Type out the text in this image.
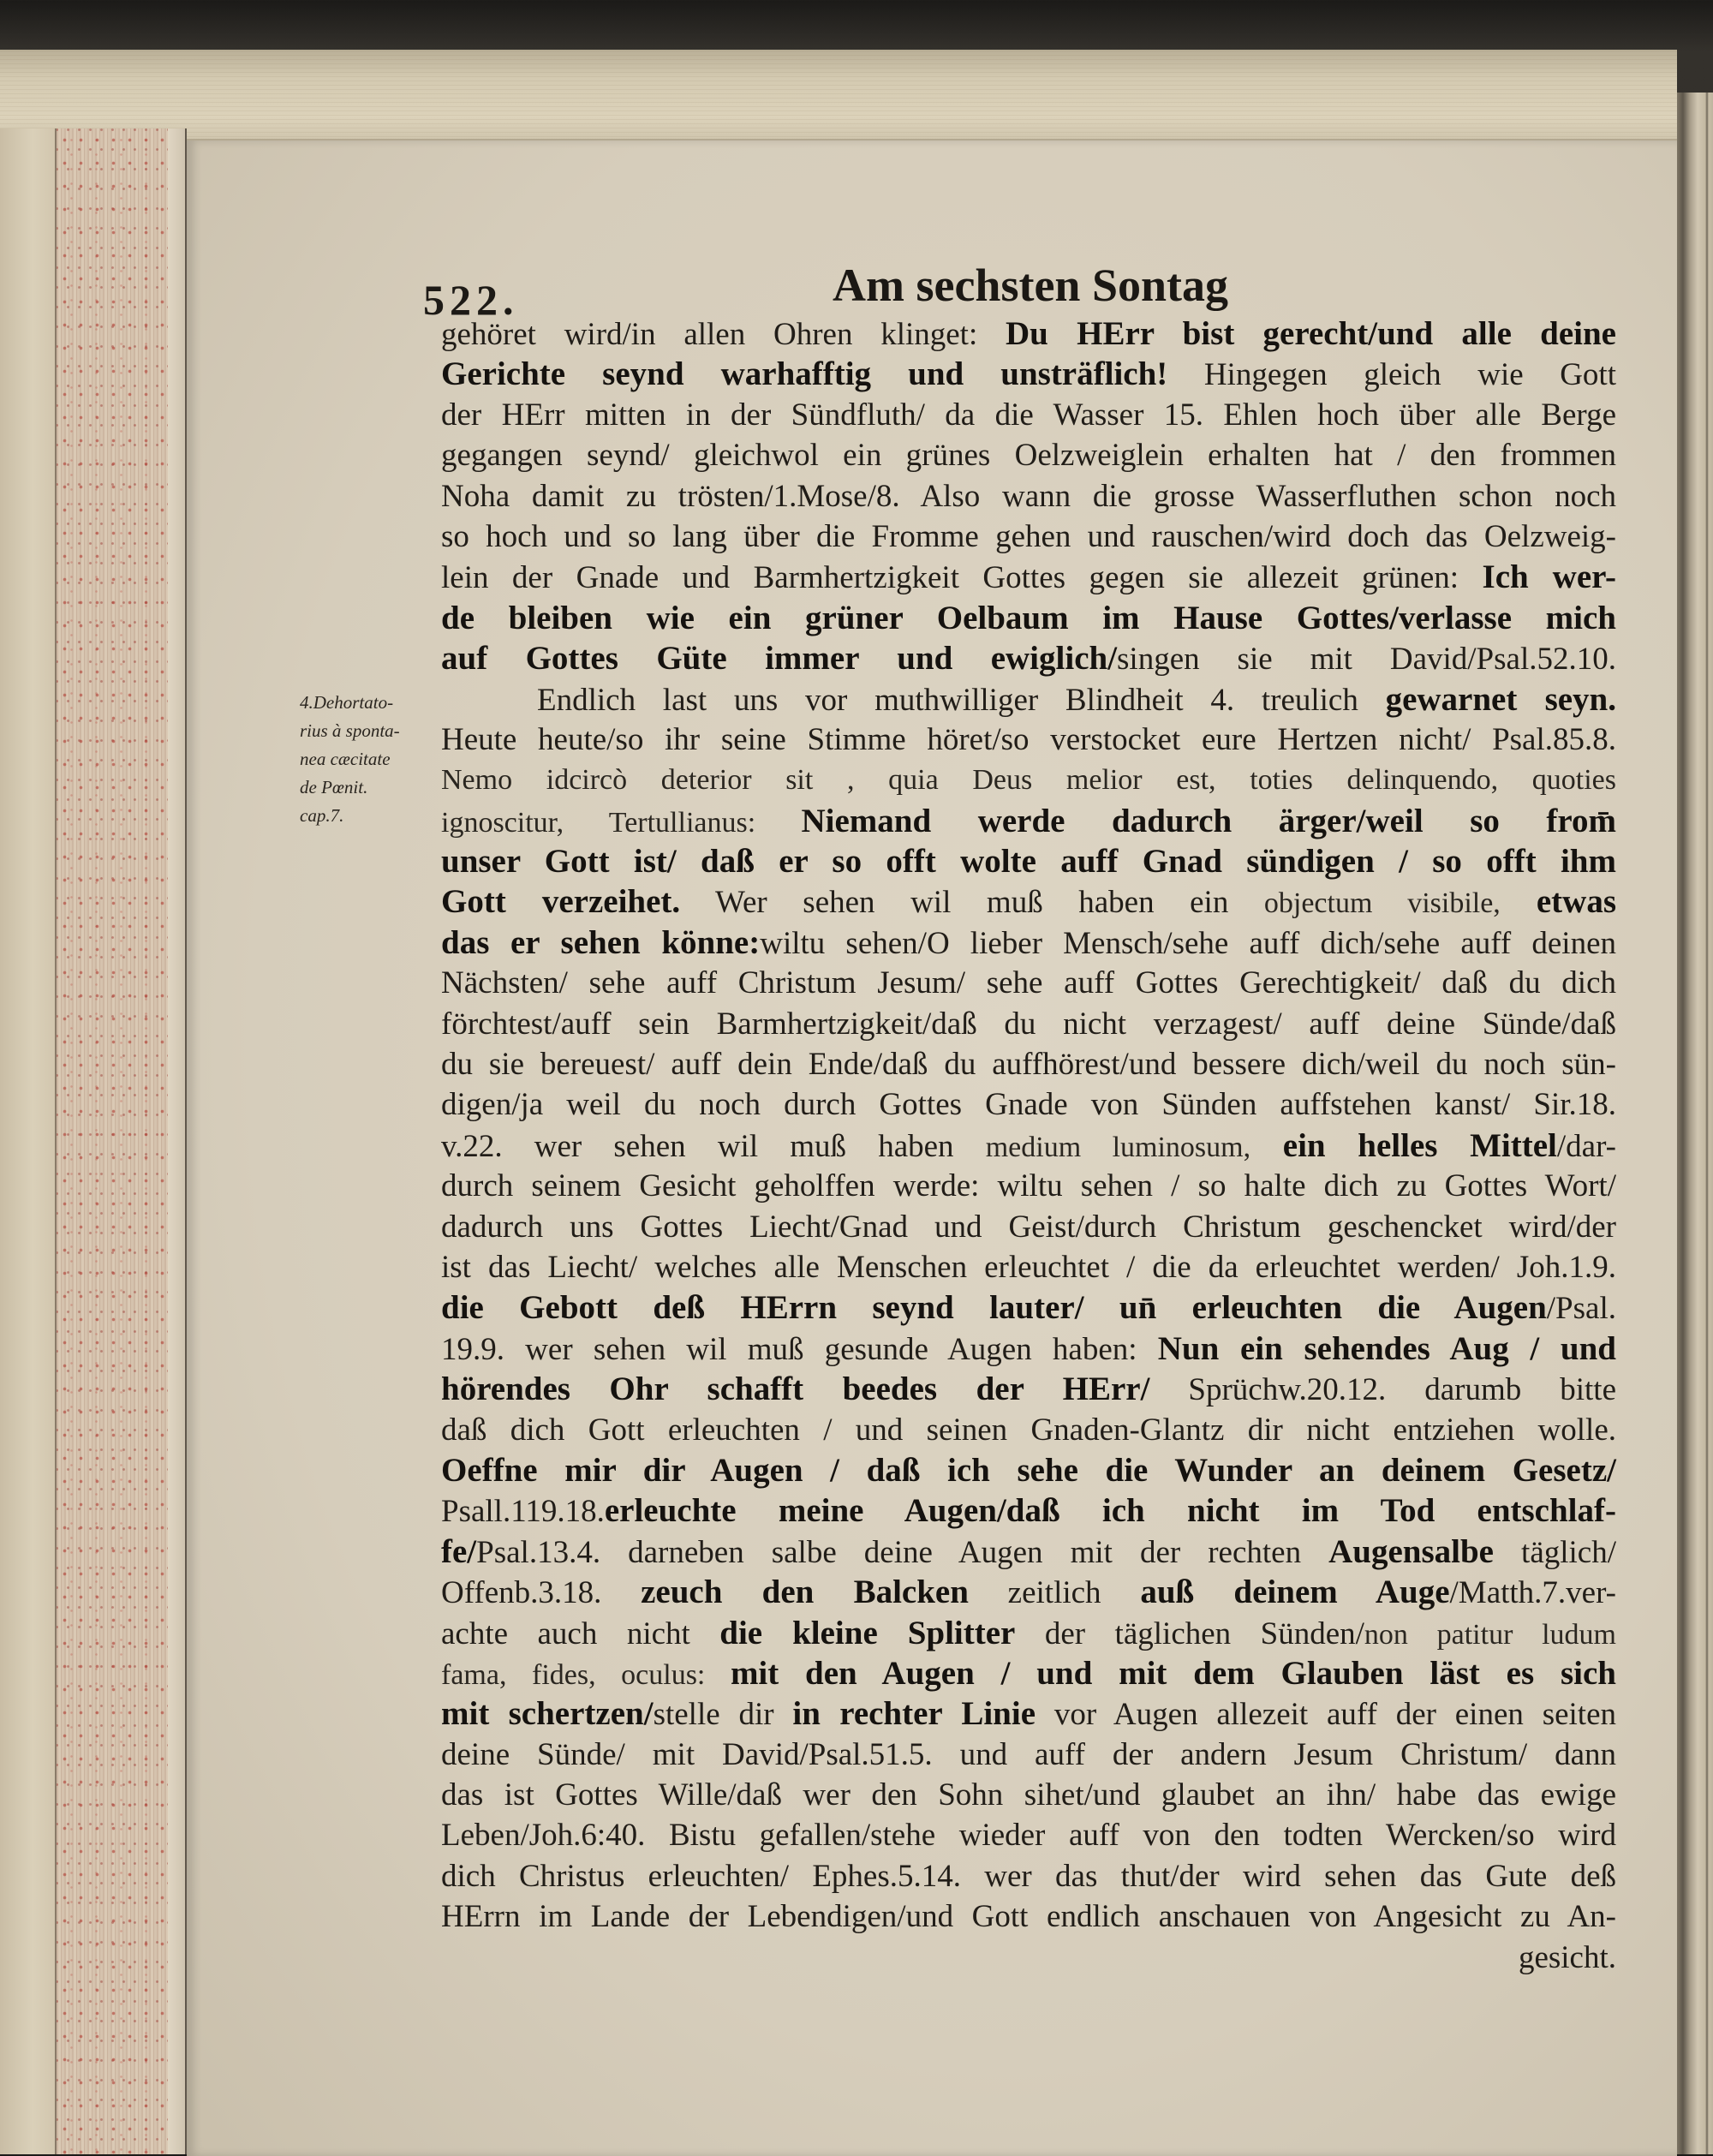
522.	Am sechsten Sontag
4.Dehortato-
rius à sponta-
nea cæcitate
de Pœnit.
cap.7.
gehöret wird/in allen Ohren klinget: Du HErr bist gerecht/und alle deine
Gerichte seynd warhafftig und unsträflich! Hingegen gleich wie Gott
der HErr mitten in der Sündfluth/ da die Wasser 15. Ehlen hoch über alle Berge
gegangen seynd/ gleichwol ein grünes Oelzweiglein erhalten hat / den frommen
Noha damit zu trösten/1.Mose/8. Also wann die grosse Wasserfluthen schon noch
so hoch und so lang über die Fromme gehen und rauschen/wird doch das Oelzweig-
lein der Gnade und Barmhertzigkeit Gottes gegen sie allezeit grünen: Ich wer-
de bleiben wie ein grüner Oelbaum im Hause Gottes/verlasse mich
auf Gottes Güte immer und ewiglich/singen sie mit David/Psal.52.10.
Endlich last uns vor muthwilliger Blindheit 4. treulich gewarnet seyn.
Heute heute/so ihr seine Stimme höret/so verstocket eure Hertzen nicht/ Psal.85.8.
Nemo idcircò deterior sit , quia Deus melior est, toties delinquendo, quoties
ignoscitur, Tertullianus: Niemand werde dadurch ärger/weil so from̄
unser Gott ist/ daß er so offt wolte auff Gnad sündigen / so offt ihm
Gott verzeihet. Wer sehen wil muß haben ein objectum visibile, etwas
das er sehen könne:wiltu sehen/O lieber Mensch/sehe auff dich/sehe auff deinen
Nächsten/ sehe auff Christum Jesum/ sehe auff Gottes Gerechtigkeit/ daß du dich
förchtest/auff sein Barmhertzigkeit/daß du nicht verzagest/ auff deine Sünde/daß
du sie bereuest/ auff dein Ende/daß du auffhörest/und bessere dich/weil du noch sün-
digen/ja weil du noch durch Gottes Gnade von Sünden auffstehen kanst/ Sir.18.
v.22. wer sehen wil muß haben medium luminosum, ein helles Mittel/dar-
durch seinem Gesicht geholffen werde: wiltu sehen / so halte dich zu Gottes Wort/
dadurch uns Gottes Liecht/Gnad und Geist/durch Christum geschencket wird/der
ist das Liecht/ welches alle Menschen erleuchtet / die da erleuchtet werden/ Joh.1.9.
die Gebott deß HErrn seynd lauter/ un̄ erleuchten die Augen/Psal.
19.9. wer sehen wil muß gesunde Augen haben: Nun ein sehendes Aug / und
hörendes Ohr schafft beedes der HErr/ Sprüchw.20.12. darumb bitte
daß dich Gott erleuchten / und seinen Gnaden-Glantz dir nicht entziehen wolle.
Oeffne mir dir Augen / daß ich sehe die Wunder an deinem Gesetz/
Psall.119.18.erleuchte meine Augen/daß ich nicht im Tod entschlaf-
fe/Psal.13.4. darneben salbe deine Augen mit der rechten Augensalbe täglich/
Offenb.3.18. zeuch den Balcken zeitlich auß deinem Auge/Matth.7.ver-
achte auch nicht die kleine Splitter der täglichen Sünden/non patitur ludum
fama, fides, oculus: mit den Augen / und mit dem Glauben läst es sich
mit schertzen/stelle dir in rechter Linie vor Augen allezeit auff der einen seiten
deine Sünde/ mit David/Psal.51.5. und auff der andern Jesum Christum/ dann
das ist Gottes Wille/daß wer den Sohn sihet/und glaubet an ihn/ habe das ewige
Leben/Joh.6:40. Bistu gefallen/stehe wieder auff von den todten Wercken/so wird
dich Christus erleuchten/ Ephes.5.14. wer das thut/der wird sehen das Gute deß
HErrn im Lande der Lebendigen/und Gott endlich anschauen von Angesicht zu An-
gesicht.
